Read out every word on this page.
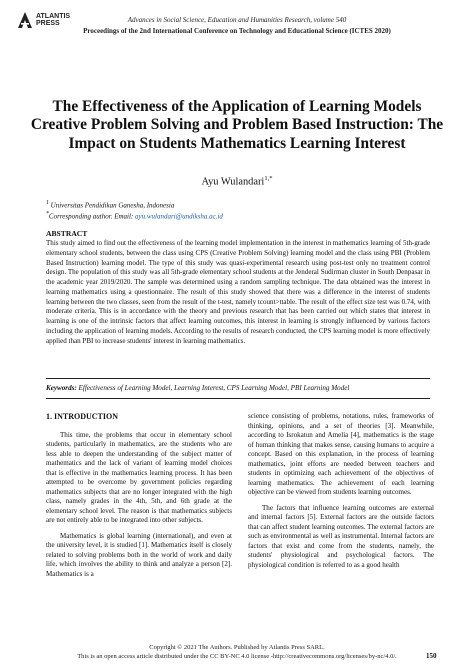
ATLANTIS
PRESS	Advances in Social Science, Education and Humanities Research, volume 540
Proceedings of the 2nd International Conference on Technology and Educational Science (ICTES 2020)
The Effectiveness of the Application of Learning Models Creative Problem Solving and Problem Based Instruction: The Impact on Students Mathematics Learning Interest
Ayu Wulandari$^{1,*}$
$^1$ Universitas Pendidikan Ganesha, Indonesia
*Corresponding author. Email: ayu.wulandari@undiksha.ac.id
ABSTRACT

This study aimed to find out the effectiveness of the learning model implementation in the interest in mathematics learning of 5th-grade elementary school students, between the class using CPS (Creative Problem Solving) learning model and the class using PBI (Problem Based Instruction) learning model. The type of this study was quasi-experimental research using post-test only no treatment control design. The population of this study was all 5th-grade elementary school students at the Jenderal Sudirman cluster in South Denpasar in the academic year 2019/2020. The sample was determined using a random sampling technique. The data obtained was the interest in learning mathematics using a questionnaire. The result of this study showed that there was a difference in the interest of students learning between the two classes, seen from the result of the t-test, namely tcount>ttable. The result of the effect size test was 0.74, with moderate criteria. This is in accordance with the theory and previous research that has been carried out which states that interest in learning is one of the intrinsic factors that affect learning outcomes, this interest in learning is strongly influenced by various factors including the application of learning models. According to the results of research conducted, the CPS learning model is more effectively applied than PBI to increase students' interest in learning mathematics.

Keywords: Effectiveness of Learning Model, Learning Interest, CPS Learning Model, PBI Learning Model
1. INTRODUCTION

This time, the problems that occur in elementary school students, particularly in mathematics, are the students who are less able to deepen the understanding of the subject matter of mathematics and the lack of variant of learning model choices that is effective in the mathematics learning process. It has been attempted to be overcome by government policies regarding mathematics subjects that are no longer integrated with the high class, namely grades in the 4th, 5th, and 6th grade at the elementary school level. The reason is that mathematics subjects are not entirely able to be integrated into other subjects.

Mathematics is global learning (international), and even at the university level, it is studied [1]. Mathematics itself is closely related to solving problems both in the world of work and daily life, which involves the ability to think and analyze a person [2]. Mathematics is a

science consisting of problems, notations, rules, frameworks of thinking, opinions, and a set of theories [3]. Meanwhile, according to Isrokatun and Amelia [4], mathematics is the stage of human thinking that makes sense, causing humans to acquire a concept. Based on this explanation, in the process of learning mathematics, joint efforts are needed between teachers and students in optimizing each achievement of the objectives of learning mathematics. The achievement of each learning objective can be viewed from students learning outcomes.

The factors that influence learning outcomes are external and internal factors [5]. External factors are the outside factors that can affect student learning outcomes. The external factors are such as environmental as well as instrumental. Internal factors are factors that exist and come from the students, namely, the students' physiological and psychological factors. The physiological condition is referred to as a good health

Copyright © 2021 The Authors. Published by Atlantis Press SARL.
This is an open access article distributed under the CC BY-NC 4.0 license -http://creativecommons.org/licenses/by-nc/4.0/.	150
